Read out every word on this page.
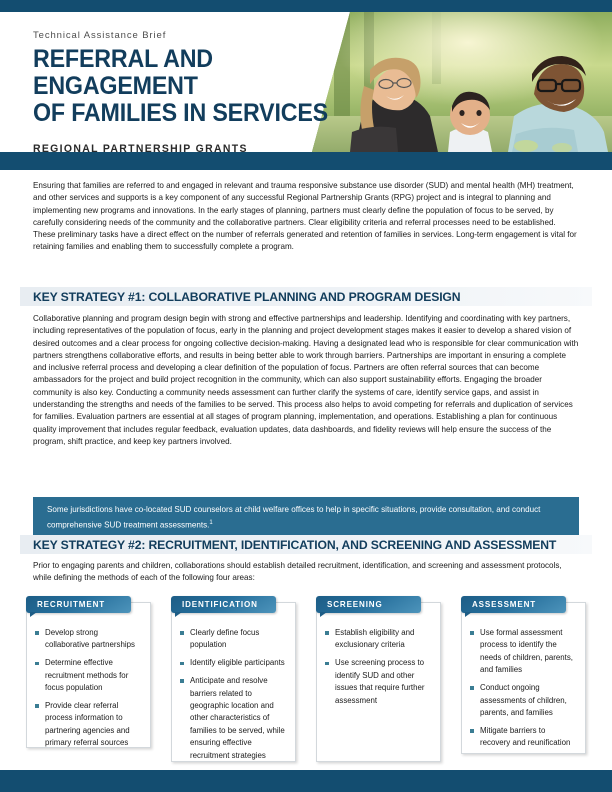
Technical Assistance Brief

REFERRAL AND ENGAGEMENT
OF FAMILIES IN SERVICES
REGIONAL PARTNERSHIP GRANTS

Ensuring that families are referred to and engaged in relevant and trauma responsive substance use disorder (SUD) and mental health (MH) treatment, and other services and supports is a key component of any successful Regional Partnership Grants (RPG) project and is integral to planning and implementing new programs and innovations. In the early stages of planning, partners must clearly define the population of focus to be served, by carefully considering needs of the community and the collaborative partners. Clear eligibility criteria and referral processes need to be established. These preliminary tasks have a direct effect on the number of referrals generated and retention of families in services. Long-term engagement is vital for retaining families and enabling them to successfully complete a program.

KEY STRATEGY #1: COLLABORATIVE PLANNING AND PROGRAM DESIGN

Collaborative planning and program design begin with strong and effective partnerships and leadership. Identifying and coordinating with key partners, including representatives of the population of focus, early in the planning and project development stages makes it easier to develop a shared vision of desired outcomes and a clear process for ongoing collective decision-making. Having a designated lead who is responsible for clear communication with partners strengthens collaborative efforts, and results in being better able to work through barriers. Partnerships are important in ensuring a complete and inclusive referral process and developing a clear definition of the population of focus. Partners are often referral sources that can become ambassadors for the project and build project recognition in the community, which can also support sustainability efforts. Engaging the broader community is also key. Conducting a community needs assessment can further clarify the systems of care, identify service gaps, and assist in understanding the strengths and needs of the families to be served. This process also helps to avoid competing for referrals and duplication of services for families. Evaluation partners are essential at all stages of program planning, implementation, and operations. Establishing a plan for continuous quality improvement that includes regular feedback, evaluation updates, data dashboards, and fidelity reviews will help ensure the success of the program, shift practice, and keep key partners involved.

Some jurisdictions have co-located SUD counselors at child welfare offices to help in specific situations, provide consultation, and conduct comprehensive SUD treatment assessments.$^1$

KEY STRATEGY #2: RECRUITMENT, IDENTIFICATION, AND SCREENING AND ASSESSMENT

Prior to engaging parents and children, collaborations should establish detailed recruitment, identification, and screening and assessment protocols, while defining the methods of each of the following four areas:

Develop strong collaborative partnerships
Determine effective recruitment methods for focus population
Provide clear referral process information to partnering agencies and primary referral sources
Clearly define focus population
Identify eligible participants
Anticipate and resolve barriers related to geographic location and other characteristics of families to be served, while ensuring effective recruitment strategies
Establish eligibility and exclusionary criteria
Use screening process to identify SUD and other issues that require further assessment
Use formal assessment process to identify the needs of children, parents, and families
Conduct ongoing assessments of children, parents, and families
Mitigate barriers to recovery and reunification
RECRUITMENT	IDENTIFICATION	SCREENING	ASSESSMENT
